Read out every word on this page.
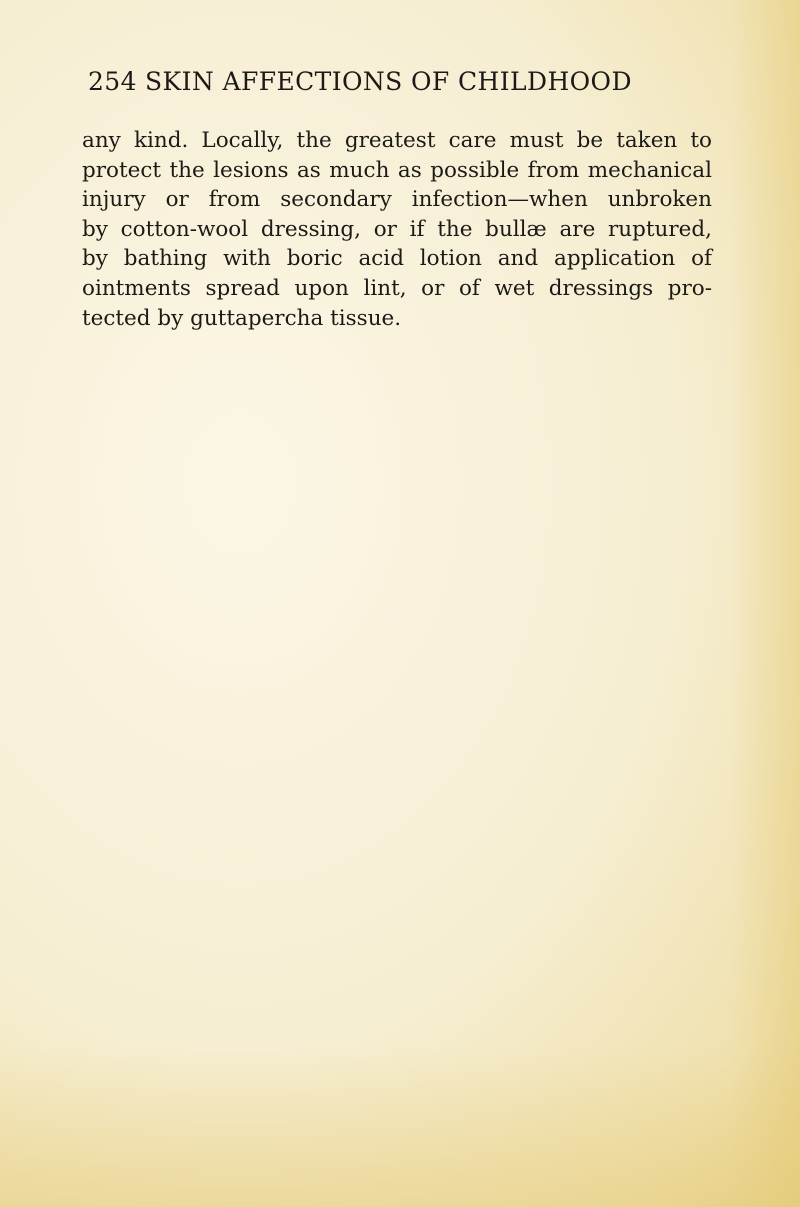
254 SKIN AFFECTIONS OF CHILDHOOD
any kind. Locally, the greatest care must be taken to
protect the lesions as much as possible from mechanical
injury or from secondary infection—when unbroken
by cotton-wool dressing, or if the bullæ are ruptured,
by bathing with boric acid lotion and application of
ointments spread upon lint, or of wet dressings pro-
tected by guttapercha tissue.
